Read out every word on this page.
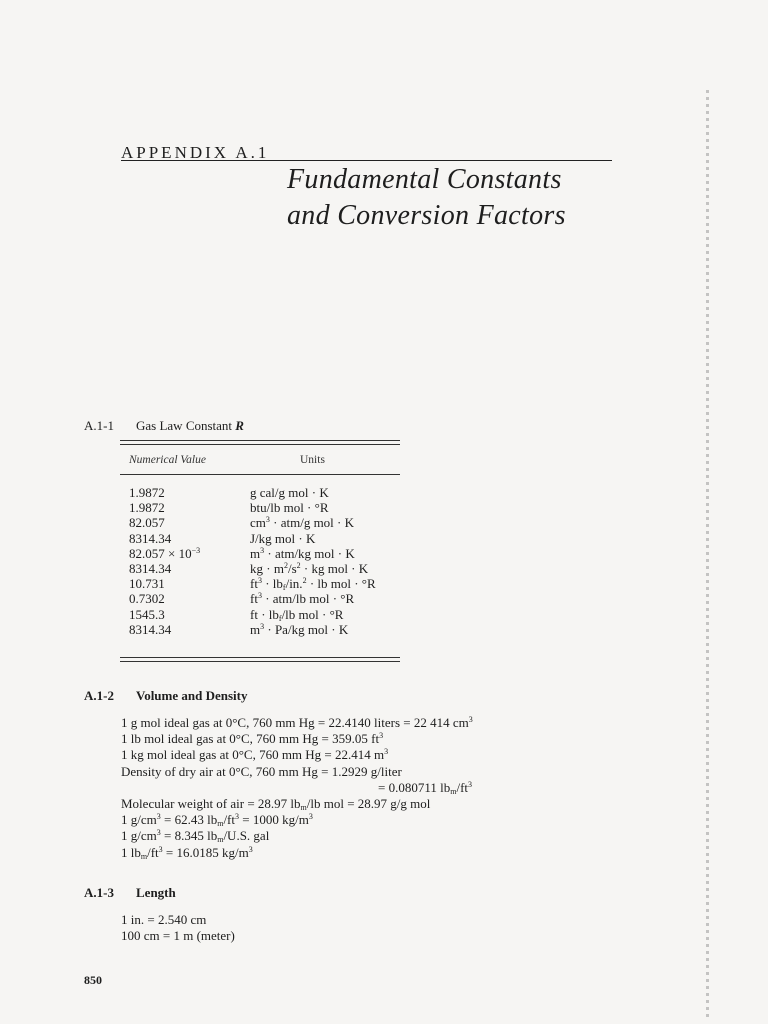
APPENDIX A.1
Fundamental Constants
and Conversion Factors
A.1-1 Gas Law Constant R
Numerical Value	Units
1.9872	g cal/g mol · K
1.9872	btu/lb mol · °R
82.057	$cm^3 \cdot atm/g$ mol · K
8314.34	J/kg mol · K
$82.057 \times 10^{-3}$	$m^3 \cdot atm/kg$ mol · K
8314.34	kg · $m^2/s^2$ · kg mol · K
10.731	$ft^3 \cdot lb_f/in.^2$ · lb mol · °R
0.7302	$ft^3 \cdot atm/lb$ mol · °R
1545.3	ft · $lb_f/lb$ mol · °R
8314.34	$m^3 \cdot Pa/kg$ mol · K
A.1-2 Volume and Density
1 g mol ideal gas at 0°C, 760 mm Hg = 22.4140 liters = 22 414 $cm^3$
1 lb mol ideal gas at 0°C, 760 mm Hg = 359.05 $ft^3$
1 kg mol ideal gas at 0°C, 760 mm Hg = 22.414 $m^3$
Density of dry air at 0°C, 760 mm Hg = 1.2929 g/liter
= 0.080711 $lb_m/ft^3$
Molecular weight of air = 28.97 $lb_m/lb$ mol = 28.97 g/g mol
1 $g/cm^3 = 62.43$ $lb_m/ft^3 = 1000$ $kg/m^3$
1 $g/cm^3 = 8.345$ $lb_m/U.S$. gal
1 $lb_m/ft^3 = 16.0185$ $kg/m^3$
A.1-3 Length
1 in. = 2.540 cm
100 cm = 1 m (meter)
850
